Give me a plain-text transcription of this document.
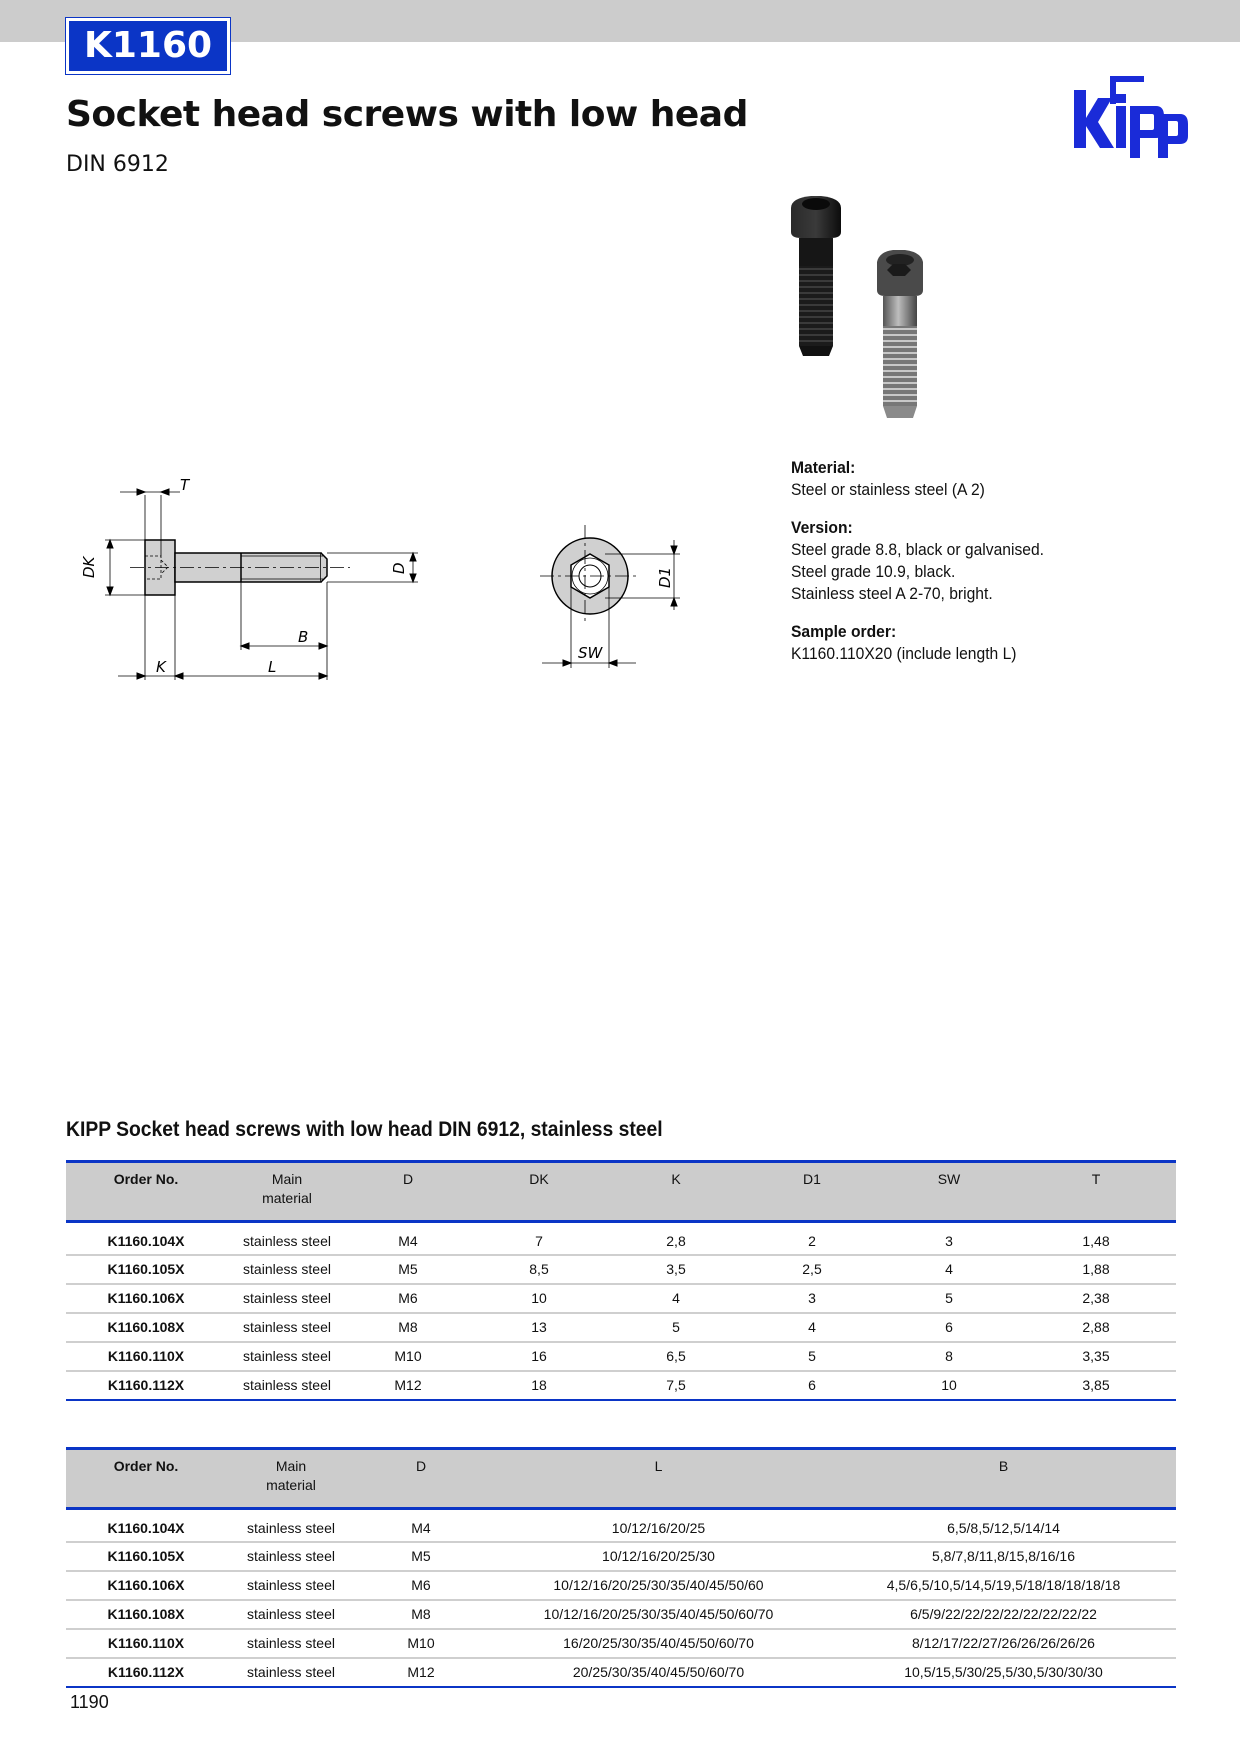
K1160
Socket head screws with low head
DIN 6912
T
DK	D
B
K	L
D1
SW
Material:
Steel or stainless steel (A 2)
Version:
Steel grade 8.8, black or galvanised.
Steel grade 10.9, black.
Stainless steel A 2-70, bright.
Sample order:
K1160.110X20 (include length L)
KIPP Socket head screws with low head DIN 6912, stainless steel
Order No.	Main
material	D	DK	K	D1	SW	T
K1160.104X	stainless steel	M4	7	2,8	2	3	1,48
K1160.105X	stainless steel	M5	8,5	3,5	2,5	4	1,88
K1160.106X	stainless steel	M6	10	4	3	5	2,38
K1160.108X	stainless steel	M8	13	5	4	6	2,88
K1160.110X	stainless steel	M10	16	6,5	5	8	3,35
K1160.112X	stainless steel	M12	18	7,5	6	10	3,85
Order No.	Main
material	D	L	B
K1160.104X	stainless steel	M4	10/12/16/20/25	6,5/8,5/12,5/14/14
K1160.105X	stainless steel	M5	10/12/16/20/25/30	5,8/7,8/11,8/15,8/16/16
K1160.106X	stainless steel	M6	10/12/16/20/25/30/35/40/45/50/60	4,5/6,5/10,5/14,5/19,5/18/18/18/18/18
K1160.108X	stainless steel	M8	10/12/16/20/25/30/35/40/45/50/60/70	6/5/9/22/22/22/22/22/22/22/22
K1160.110X	stainless steel	M10	16/20/25/30/35/40/45/50/60/70	8/12/17/22/27/26/26/26/26/26
K1160.112X	stainless steel	M12	20/25/30/35/40/45/50/60/70	10,5/15,5/30/25,5/30,5/30/30/30
1190
